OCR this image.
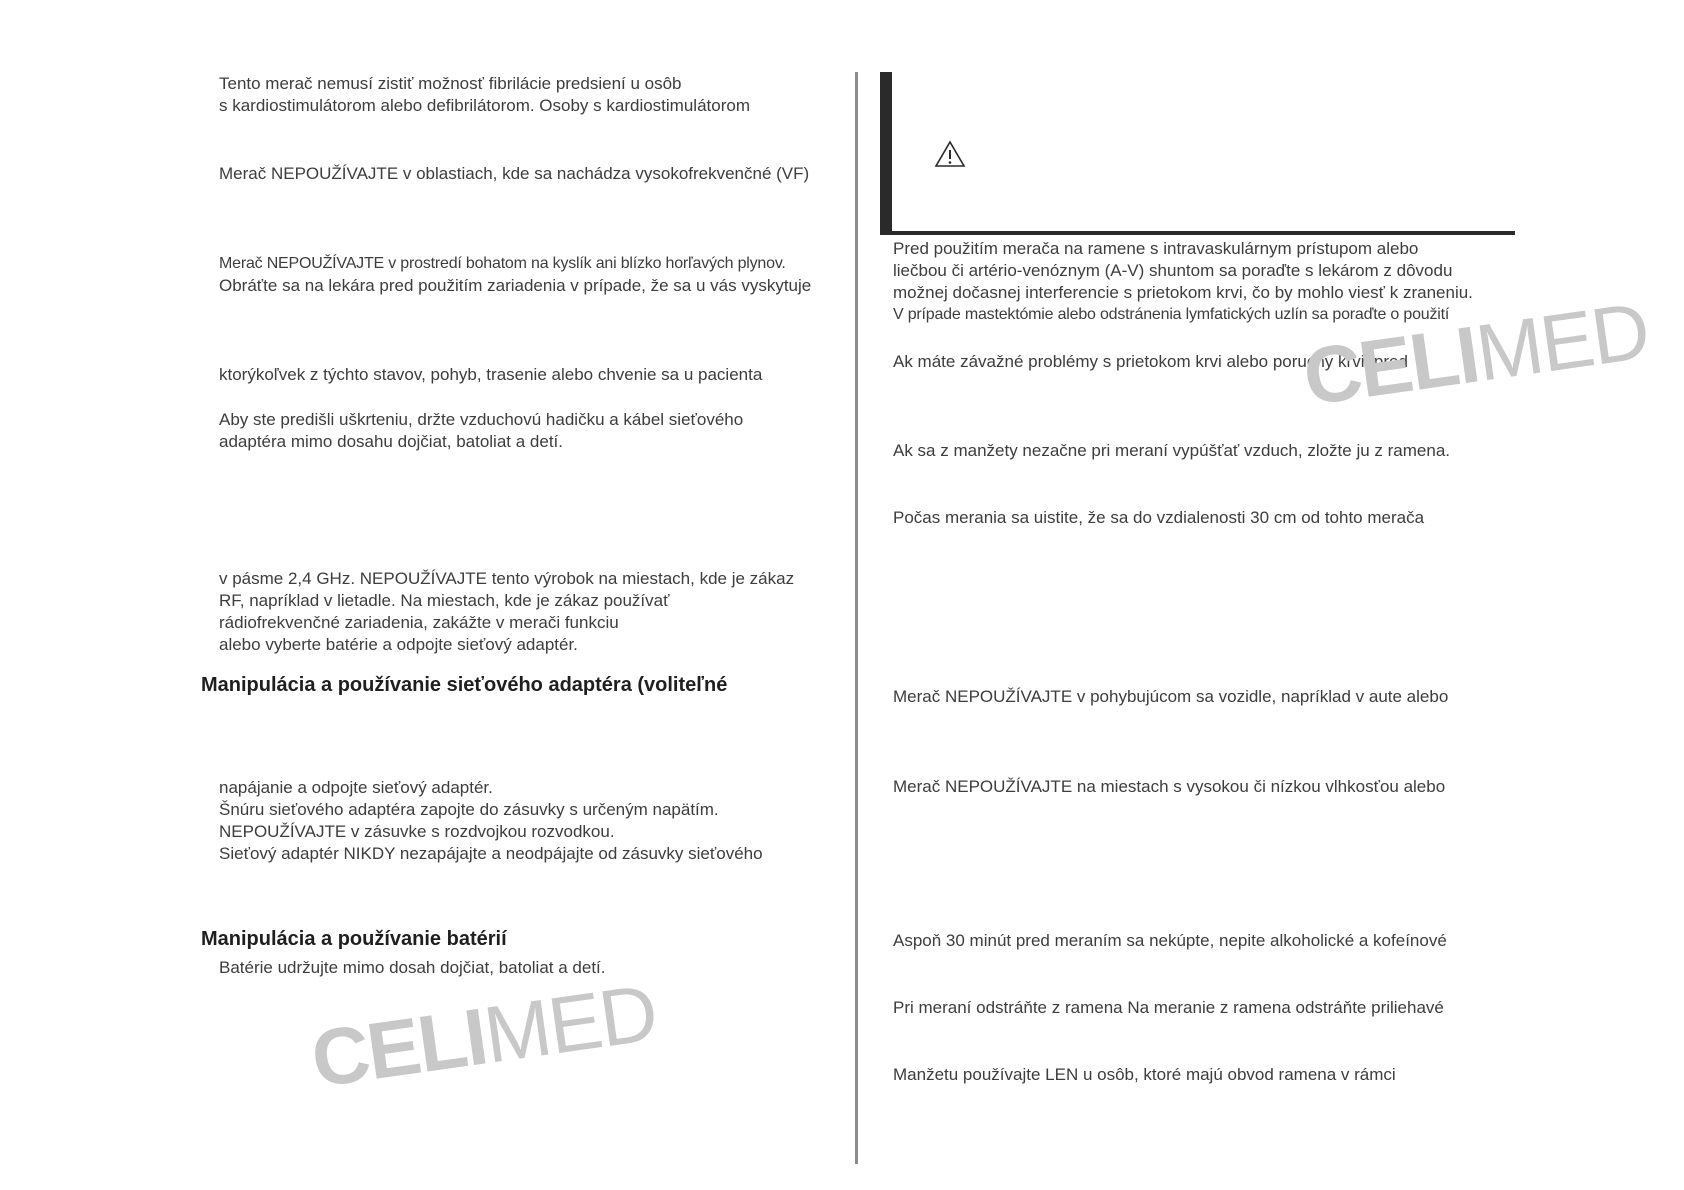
Tento merač nemusí zistiť možnosť fibrilácie predsiení u osôb
s kardiostimulátorom alebo defibrilátorom. Osoby s kardiostimulátorom
Merač NEPOUŽÍVAJTE v oblastiach, kde sa nachádza vysokofrekvenčné (VF)
Merač NEPOUŽÍVAJTE v prostredí bohatom na kyslík ani blízko horľavých plynov.
Obráťte sa na lekára pred použitím zariadenia v prípade, že sa u vás vyskytuje
ktorýkoľvek z týchto stavov, pohyb, trasenie alebo chvenie sa u pacienta
Aby ste predišli uškrteniu, držte vzduchovú hadičku a kábel sieťového
adaptéra mimo dosahu dojčiat, batoliat a detí.
v pásme 2,4 GHz. NEPOUŽÍVAJTE tento výrobok na miestach, kde je zákaz
RF, napríklad v lietadle. Na miestach, kde je zákaz používať
rádiofrekvenčné zariadenia, zakážte v merači funkciu
alebo vyberte batérie a odpojte sieťový adaptér.
Manipulácia a používanie sieťového adaptéra (voliteľné
napájanie a odpojte sieťový adaptér.
Šnúru sieťového adaptéra zapojte do zásuvky s určeným napätím.
NEPOUŽÍVAJTE v zásuvke s rozdvojkou rozvodkou.
Sieťový adaptér NIKDY nezapájajte a neodpájajte od zásuvky sieťového
Manipulácia a používanie batérií
Batérie udržujte mimo dosah dojčiat, batoliat a detí.
Pred použitím merača na ramene s intravaskulárnym prístupom alebo
liečbou či artério-venóznym (A-V) shuntom sa poraďte s lekárom z dôvodu
možnej dočasnej interferencie s prietokom krvi, čo by mohlo viesť k zraneniu.
V prípade mastektómie alebo odstránenia lymfatických uzlín sa poraďte o použití
Ak máte závažné problémy s prietokom krvi alebo poruchy krvi, pred
Ak sa z manžety nezačne pri meraní vypúšťať vzduch, zložte ju z ramena.
Počas merania sa uistite, že sa do vzdialenosti 30 cm od tohto merača
Merač NEPOUŽÍVAJTE v pohybujúcom sa vozidle, napríklad v aute alebo
Merač NEPOUŽÍVAJTE na miestach s vysokou či nízkou vlhkosťou alebo
Aspoň 30 minút pred meraním sa nekúpte, nepite alkoholické a kofeínové
Pri meraní odstráňte z ramena Na meranie z ramena odstráňte priliehavé
Manžetu používajte LEN u osôb, ktoré majú obvod ramena v rámci
CELIMED
CELIMED
